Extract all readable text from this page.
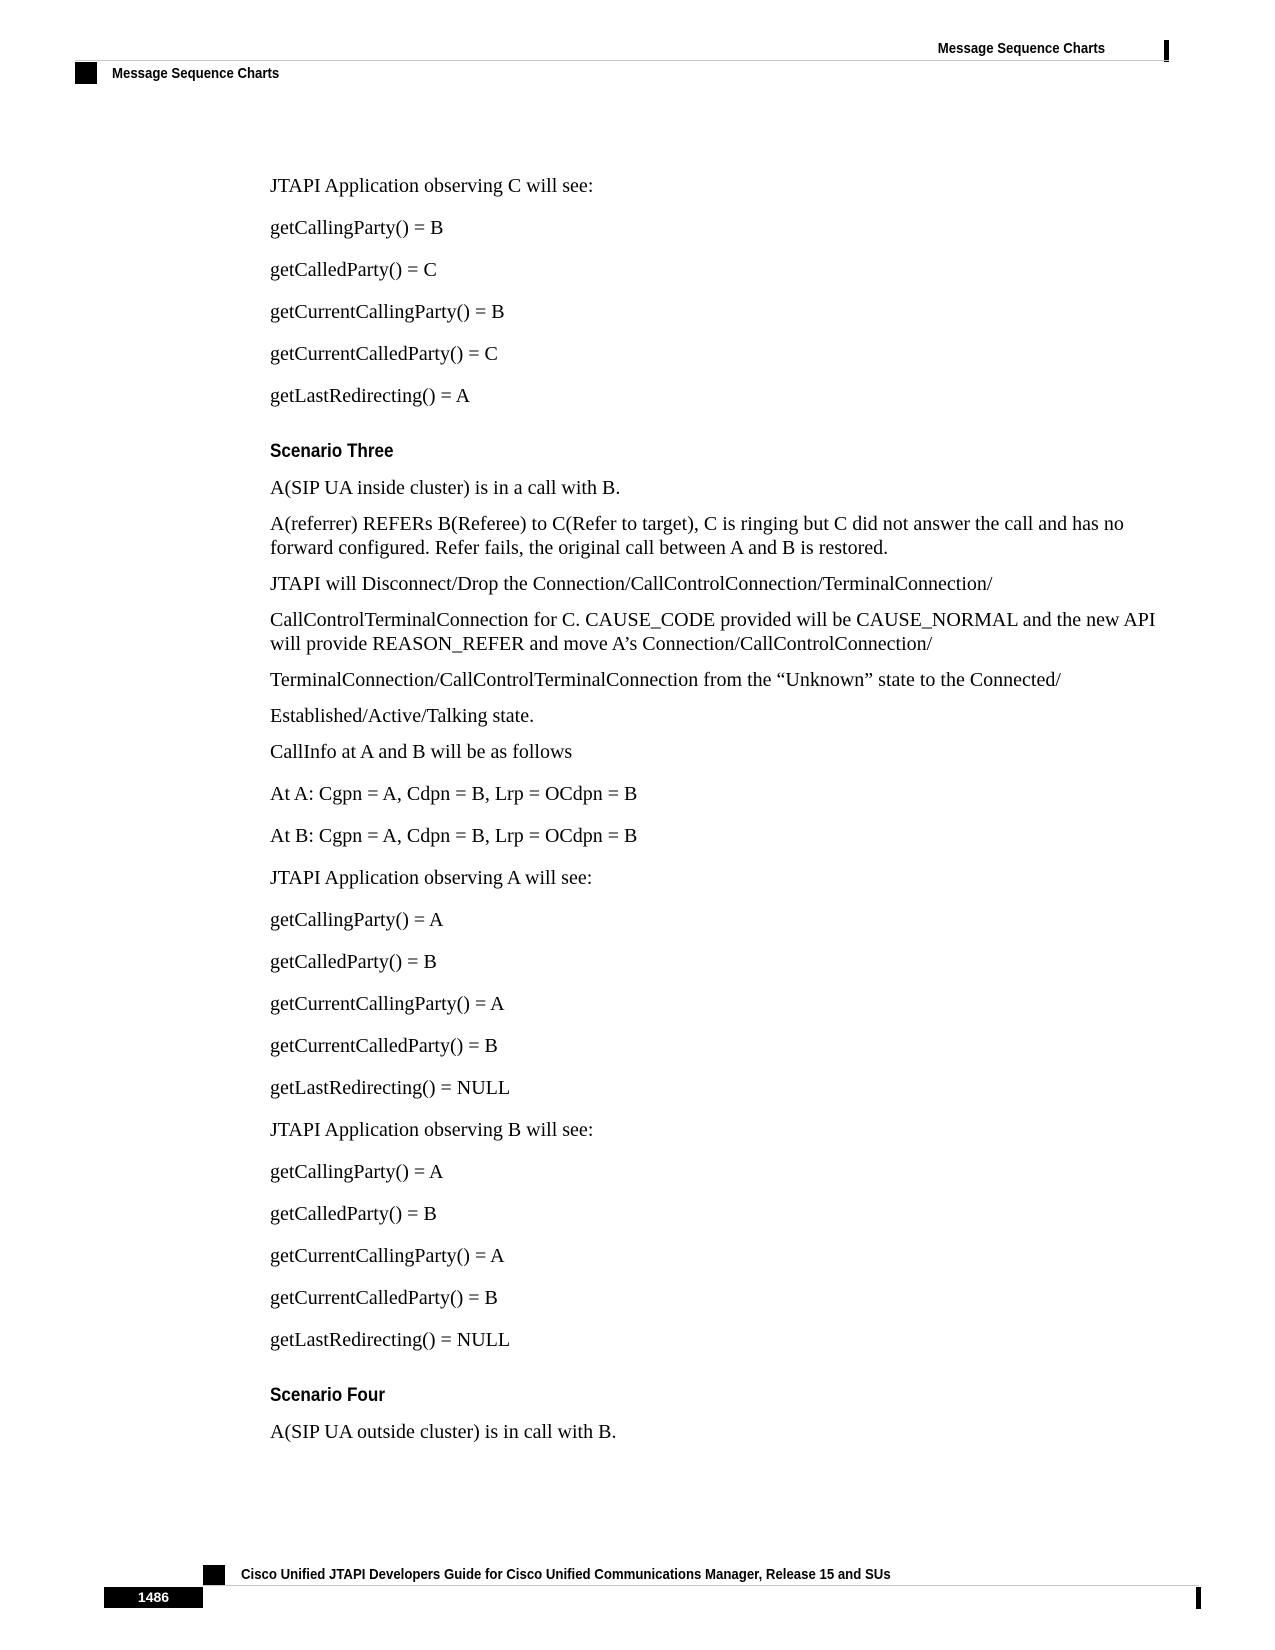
Message Sequence Charts
Message Sequence Charts

JTAPI Application observing C will see:

getCallingParty() = B

getCalledParty() = C

getCurrentCallingParty() = B

getCurrentCalledParty() = C

getLastRedirecting() = A

Scenario Three

A(SIP UA inside cluster) is in a call with B.

A(referrer) REFERs B(Referee) to C(Refer to target), C is ringing but C did not answer the call and has no forward configured. Refer fails, the original call between A and B is restored.

JTAPI will Disconnect/Drop the Connection/CallControlConnection/TerminalConnection/

CallControlTerminalConnection for C. CAUSE_CODE provided will be CAUSE_NORMAL and the new API will provide REASON_REFER and move A’s Connection/CallControlConnection/

TerminalConnection/CallControlTerminalConnection from the “Unknown” state to the Connected/

Established/Active/Talking state.

CallInfo at A and B will be as follows

At A: Cgpn = A, Cdpn = B, Lrp = OCdpn = B

At B: Cgpn = A, Cdpn = B, Lrp = OCdpn = B

JTAPI Application observing A will see:

getCallingParty() = A

getCalledParty() = B

getCurrentCallingParty() = A

getCurrentCalledParty() = B

getLastRedirecting() = NULL

JTAPI Application observing B will see:

getCallingParty() = A

getCalledParty() = B

getCurrentCallingParty() = A

getCurrentCalledParty() = B

getLastRedirecting() = NULL

Scenario Four

A(SIP UA outside cluster) is in call with B.

Cisco Unified JTAPI Developers Guide for Cisco Unified Communications Manager, Release 15 and SUs
1486
